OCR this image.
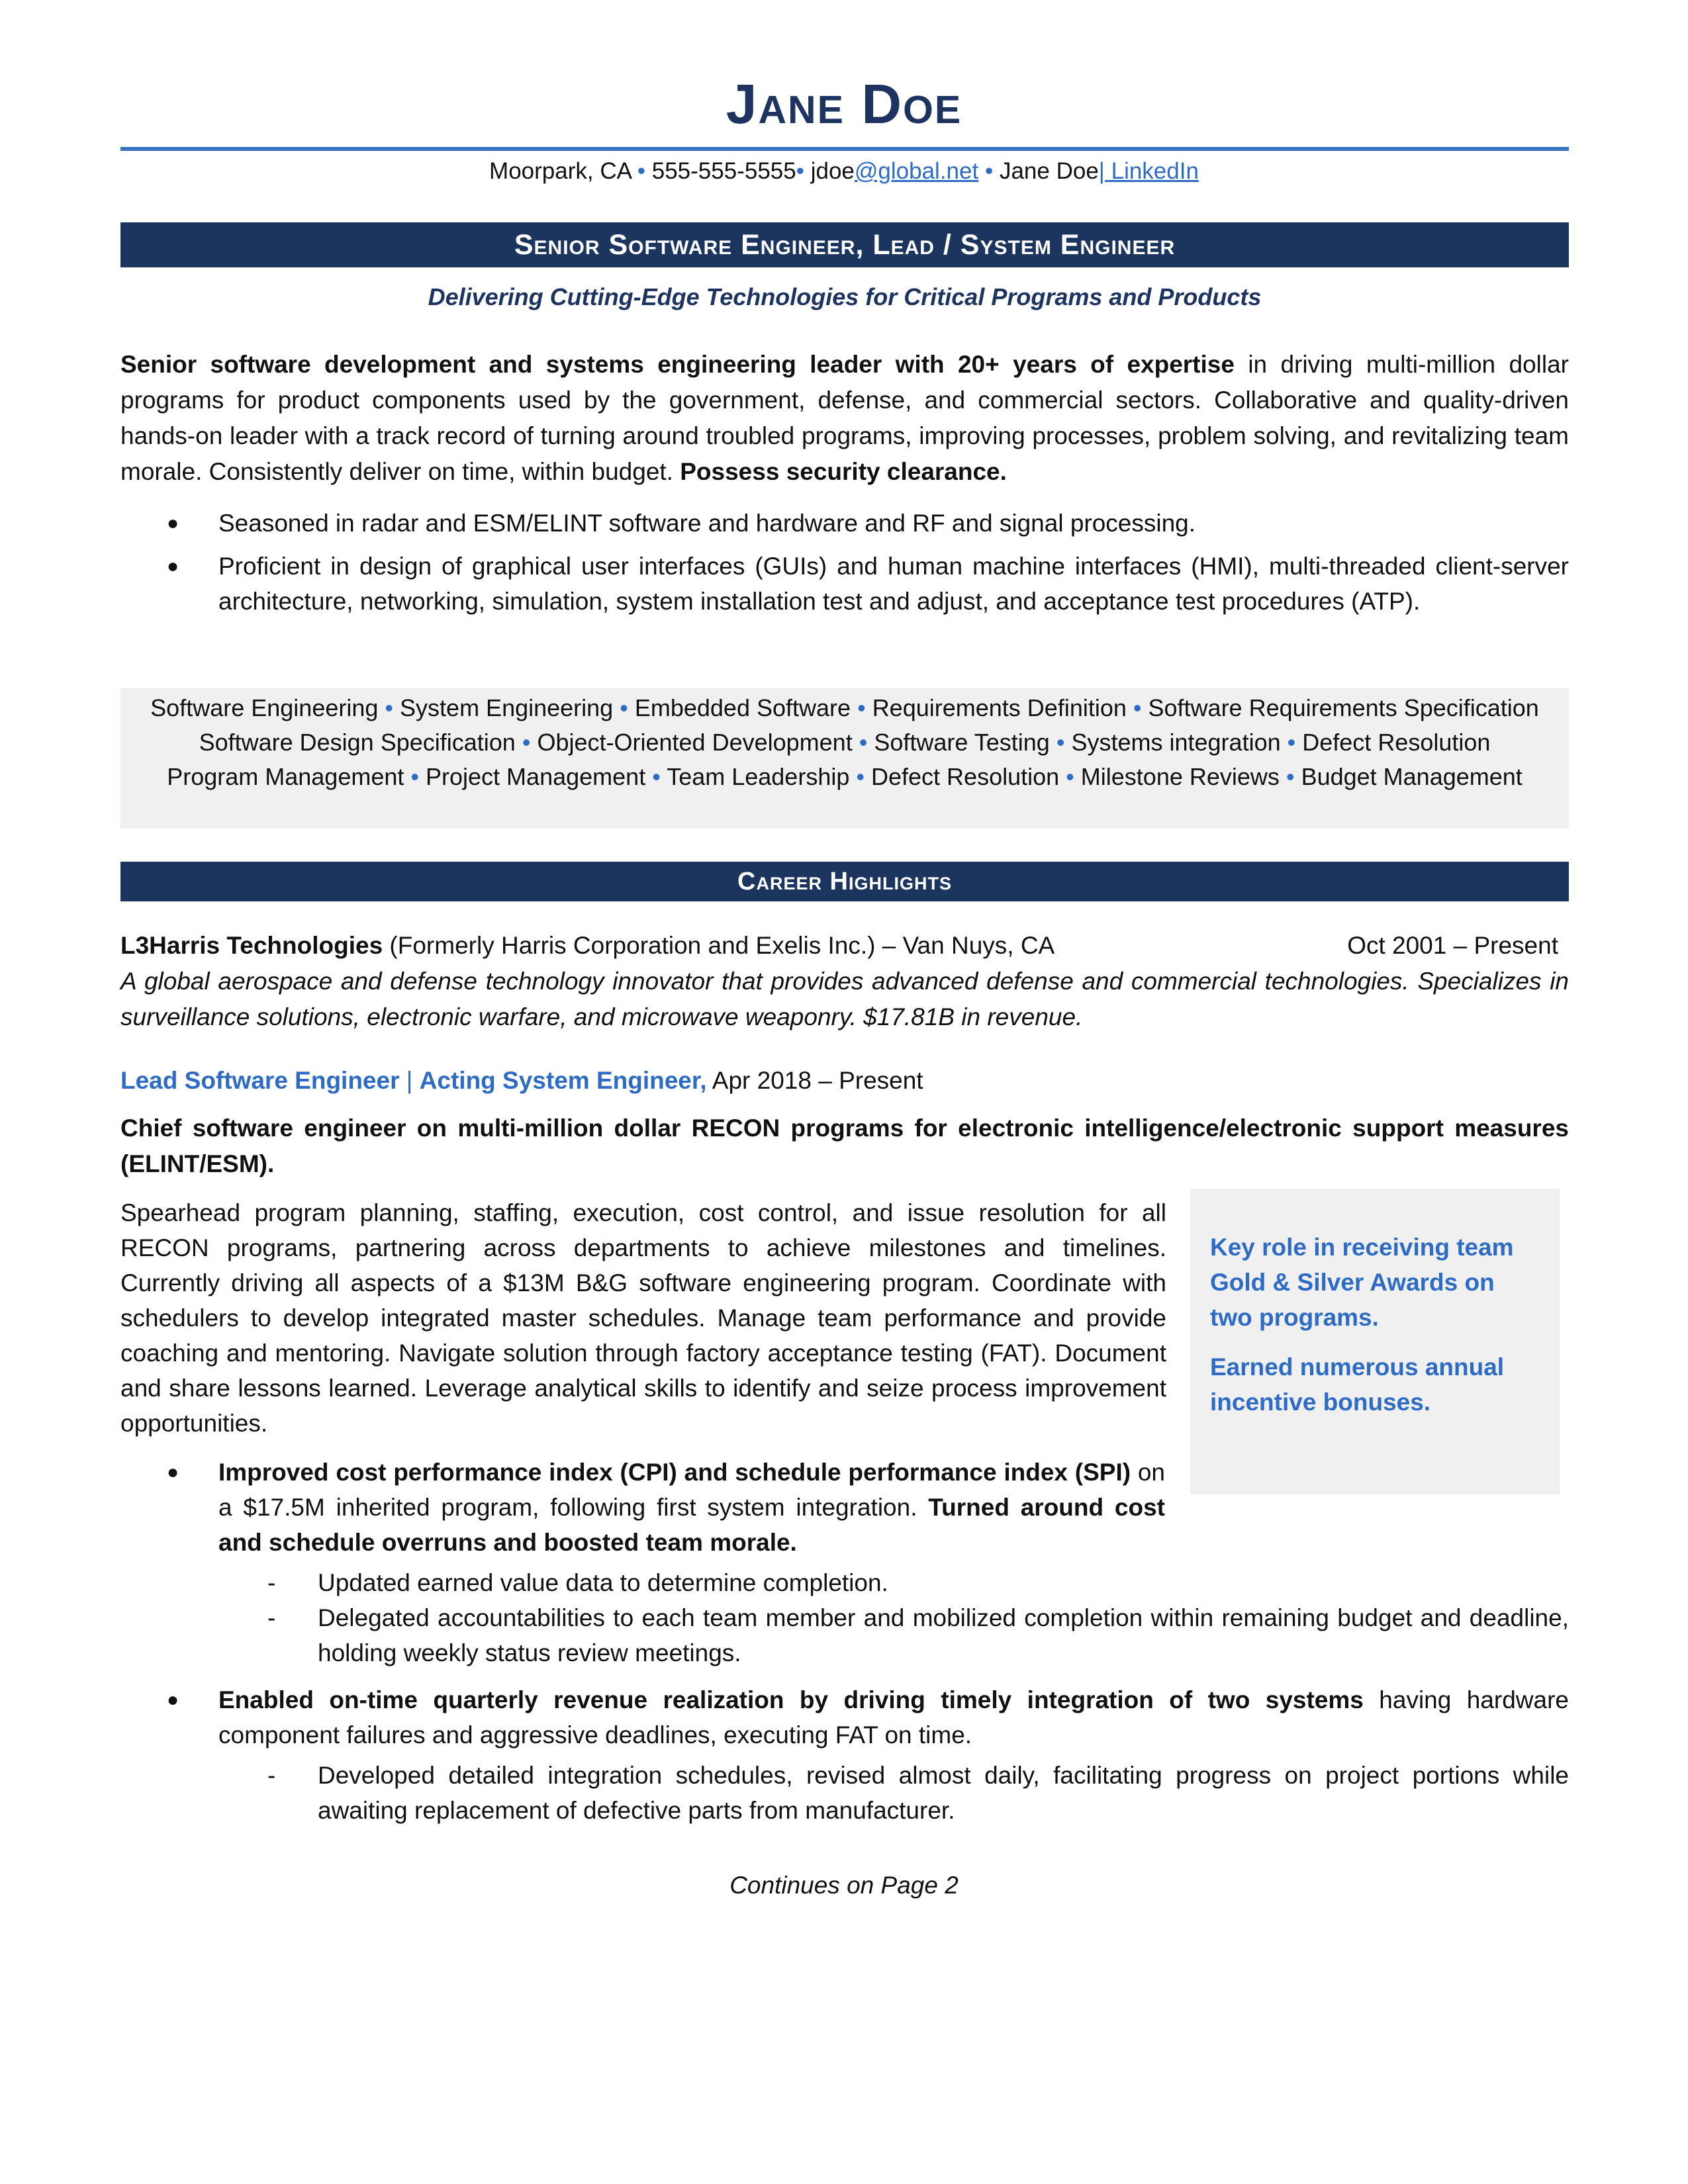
Jane Doe
Moorpark, CA • 555-555-5555• jdoe@global.net • Jane Doe| LinkedIn
Senior Software Engineer, Lead / System Engineer
Delivering Cutting-Edge Technologies for Critical Programs and Products
Senior software development and systems engineering leader with 20+ years of expertise in driving multi-million dollar programs for product components used by the government, defense, and commercial sectors. Collaborative and quality-driven hands-on leader with a track record of turning around troubled programs, improving processes, problem solving, and revitalizing team morale. Consistently deliver on time, within budget. Possess security clearance.
● Seasoned in radar and ESM/ELINT software and hardware and RF and signal processing.
● Proficient in design of graphical user interfaces (GUIs) and human machine interfaces (HMI), multi-threaded client-server architecture, networking, simulation, system installation test and adjust, and acceptance test procedures (ATP).
Software Engineering • System Engineering • Embedded Software • Requirements Definition • Software Requirements Specification
Software Design Specification • Object-Oriented Development • Software Testing • Systems integration • Defect Resolution
Program Management • Project Management • Team Leadership • Defect Resolution • Milestone Reviews • Budget Management
Career Highlights
L3Harris Technologies (Formerly Harris Corporation and Exelis Inc.) – Van Nuys, CA	Oct 2001 – Present
A global aerospace and defense technology innovator that provides advanced defense and commercial technologies. Specializes in surveillance solutions, electronic warfare, and microwave weaponry. $17.81B in revenue.
Lead Software Engineer | Acting System Engineer, Apr 2018 – Present
Chief software engineer on multi-million dollar RECON programs for electronic intelligence/electronic support measures (ELINT/ESM).
Spearhead program planning, staffing, execution, cost control, and issue resolution for all RECON programs, partnering across departments to achieve milestones and timelines. Currently driving all aspects of a $13M B&G software engineering program. Coordinate with schedulers to develop integrated master schedules. Manage team performance and provide coaching and mentoring. Navigate solution through factory acceptance testing (FAT). Document and share lessons learned. Leverage analytical skills to identify and seize process improvement opportunities.

Key role in receiving team Gold & Silver Awards on two programs.

Earned numerous annual incentive bonuses.

● Improved cost performance index (CPI) and schedule performance index (SPI) on a $17.5M inherited program, following first system integration. Turned around cost and schedule overruns and boosted team morale.
- Updated earned value data to determine completion.
- Delegated accountabilities to each team member and mobilized completion within remaining budget and deadline, holding weekly status review meetings.
● Enabled on-time quarterly revenue realization by driving timely integration of two systems having hardware component failures and aggressive deadlines, executing FAT on time.
- Developed detailed integration schedules, revised almost daily, facilitating progress on project portions while awaiting replacement of defective parts from manufacturer.
Continues on Page 2
